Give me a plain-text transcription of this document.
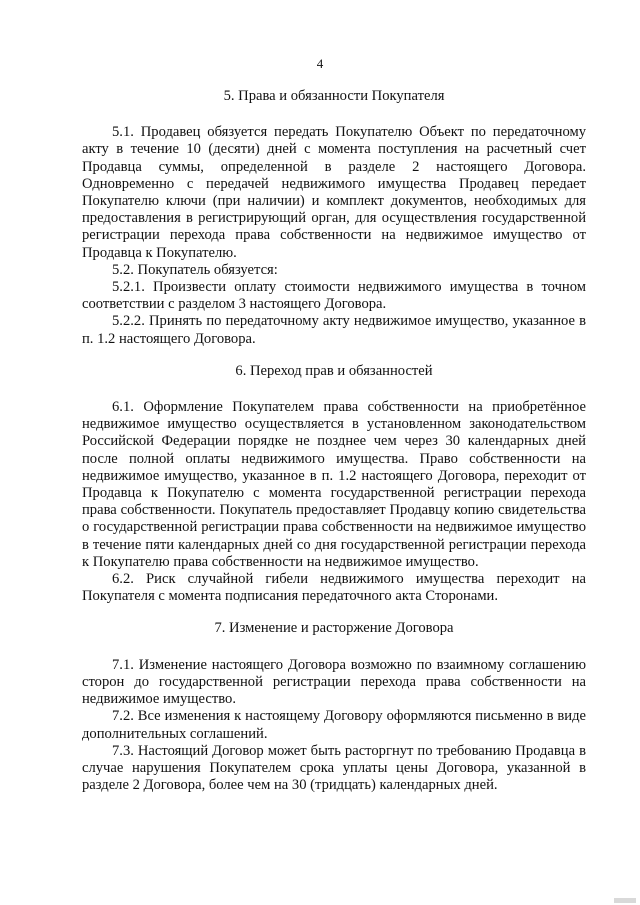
4
5. Права и обязанности Покупателя

5.1. Продавец обязуется передать Покупателю Объект по передаточному акту в течение 10 (десяти) дней с момента поступления на расчетный счет Продавца суммы, определенной в разделе 2 настоящего Договора. Одновременно с передачей недвижимого имущества Продавец передает Покупателю ключи (при наличии) и комплект документов, необходимых для предоставления в регистрирующий орган, для осуществления государственной регистрации перехода права собственности на недвижимое имущество от Продавца к Покупателю.

5.2. Покупатель обязуется:

5.2.1. Произвести оплату стоимости недвижимого имущества в точном соответствии с разделом 3 настоящего Договора.

5.2.2. Принять по передаточному акту недвижимое имущество, указанное в п. 1.2 настоящего Договора.

6. Переход прав и обязанностей

6.1. Оформление Покупателем права собственности на приобретённое недвижимое имущество осуществляется в установленном законодательством Российской Федерации порядке не позднее чем через 30 календарных дней после полной оплаты недвижимого имущества. Право собственности на недвижимое имущество, указанное в п. 1.2 настоящего Договора, переходит от Продавца к Покупателю с момента государственной регистрации перехода права собственности. Покупатель предоставляет Продавцу копию свидетельства о государственной регистрации права собственности на недвижимое имущество в течение пяти календарных дней со дня государственной регистрации перехода к Покупателю права собственности на недвижимое имущество.

6.2. Риск случайной гибели недвижимого имущества переходит на Покупателя с момента подписания передаточного акта Сторонами.

7. Изменение и расторжение Договора

7.1. Изменение настоящего Договора возможно по взаимному соглашению сторон до государственной регистрации перехода права собственности на недвижимое имущество.

7.2. Все изменения к настоящему Договору оформляются письменно в виде дополнительных соглашений.

7.3. Настоящий Договор может быть расторгнут по требованию Продавца в случае нарушения Покупателем срока уплаты цены Договора, указанной в разделе 2 Договора, более чем на 30 (тридцать) календарных дней.
